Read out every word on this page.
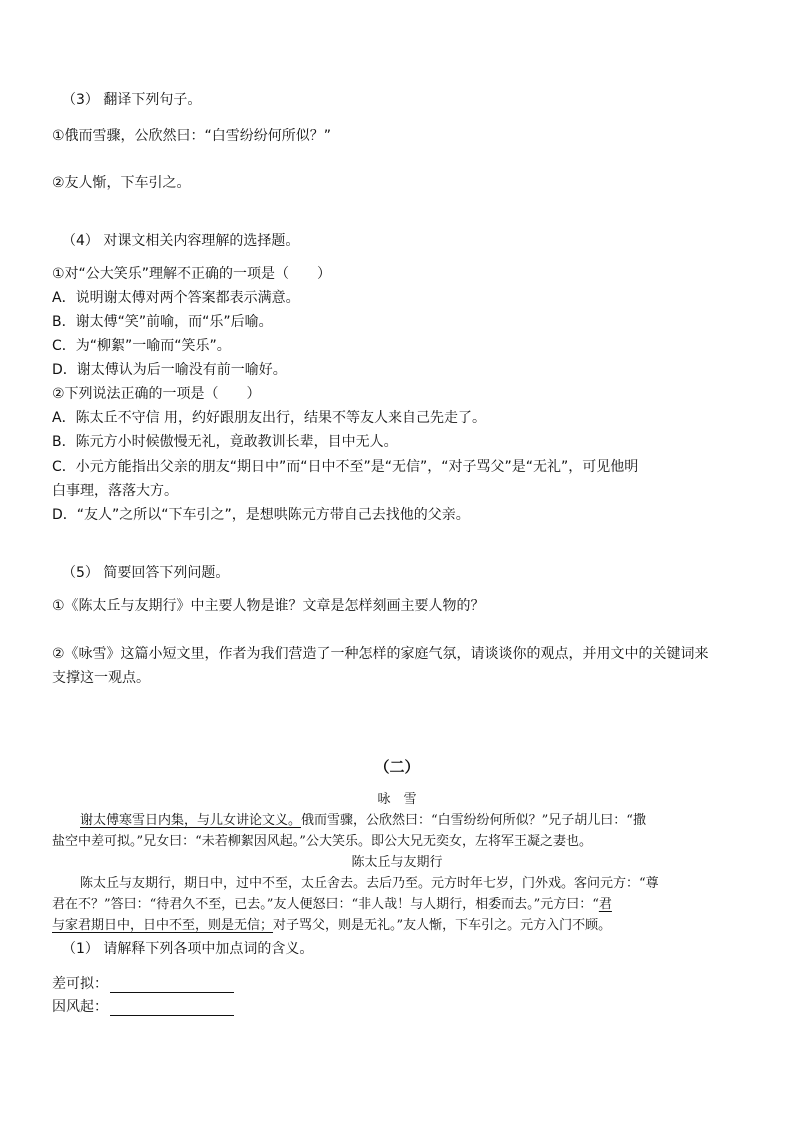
（3） 翻译下列句子。
①俄而雪骤，公欣然曰：“白雪纷纷何所似？”
②友人惭，下车引之。
（4） 对课文相关内容理解的选择题。
①对“公大笑乐”理解不正确的一项是（　　）
A．说明谢太傅对两个答案都表示满意。
B．谢太傅“笑”前喻，而“乐”后喻。
C．为“柳絮”一喻而“笑乐”。
D．谢太傅认为后一喻没有前一喻好。
②下列说法正确的一项是（　　）
A．陈太丘不守信 用，约好跟朋友出行，结果不等友人来自己先走了。
B．陈元方小时候傲慢无礼，竟敢教训长辈，目中无人。
C．小元方能指出父亲的朋友“期日中”而“日中不至”是“无信”，“对子骂父”是“无礼”，可见他明
白事理，落落大方。
D．“友人”之所以“下车引之”，是想哄陈元方带自己去找他的父亲。
（5） 简要回答下列问题。
①《陈太丘与友期行》中主要人物是谁？文章是怎样刻画主要人物的？
②《咏雪》这篇小短文里，作者为我们营造了一种怎样的家庭气氛，请谈谈你的观点，并用文中的关键词来
支撑这一观点。
（二）
咏　雪
谢太傅寒雪日内集，与儿女讲论文义。俄而雪骤，公欣然曰：“白雪纷纷何所似？”兄子胡儿曰：“撒
盐空中差可拟。”兄女曰：“未若柳絮因风起。”公大笑乐。即公大兄无奕女，左将军王凝之妻也。
陈太丘与友期行
陈太丘与友期行，期日中，过中不至，太丘舍去。去后乃至。元方时年七岁，门外戏。客问元方：“尊
君在不？”答曰：“待君久不至，已去。”友人便怒曰：“非人哉！与人期行，相委而去。”元方曰：“君
与家君期日中，日中不至，则是无信；对子骂父，则是无礼。”友人惭，下车引之。元方入门不顾。
（1） 请解释下列各项中加点词的含义。
差可拟：
因风起：
